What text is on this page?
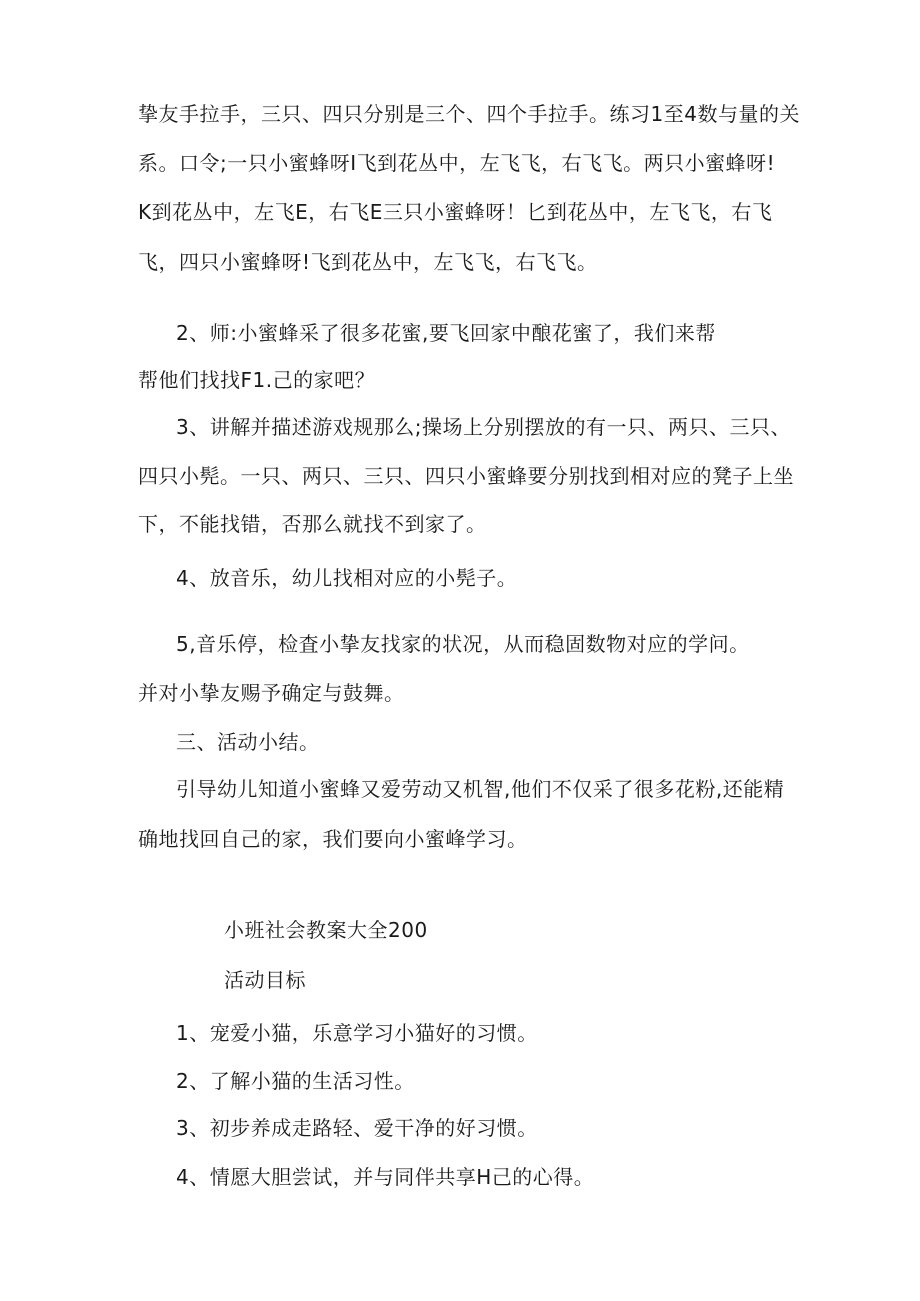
挚友手拉手，三只、四只分别是三个、四个手拉手。练习1至4数与量的关
系。口令;一只小蜜蜂呀I飞到花丛中，左飞飞，右飞飞。两只小蜜蜂呀!
K到花丛中，左飞E，右飞E三只小蜜蜂呀！匕到花丛中，左飞飞，右飞
飞，四只小蜜蜂呀!飞到花丛中，左飞飞，右飞飞。
2、师:小蜜蜂采了很多花蜜,要飞回家中酿花蜜了，我们来帮
帮他们找找F1.己的家吧？
3、讲解并描述游戏规那么;操场上分别摆放的有一只、两只、三只、
四只小髡。一只、两只、三只、四只小蜜蜂要分别找到相对应的凳子上坐
下，不能找错，否那么就找不到家了。
4、放音乐，幼儿找相对应的小髡子。
5,音乐停，检査小挚友找家的状况，从而稳固数物对应的学问。
并对小挚友赐予确定与鼓舞。
三、活动小结。
引导幼儿知道小蜜蜂又爱劳动又机智,他们不仅采了很多花粉,还能精
确地找回自己的家，我们要向小蜜峰学习。
小班社会教案大全200
活动目标
1、宠爱小猫，乐意学习小猫好的习惯。
2、了解小猫的生活习性。
3、初步养成走路轻、爱干净的好习惯。
4、情愿大胆尝试，并与同伴共享H己的心得。
